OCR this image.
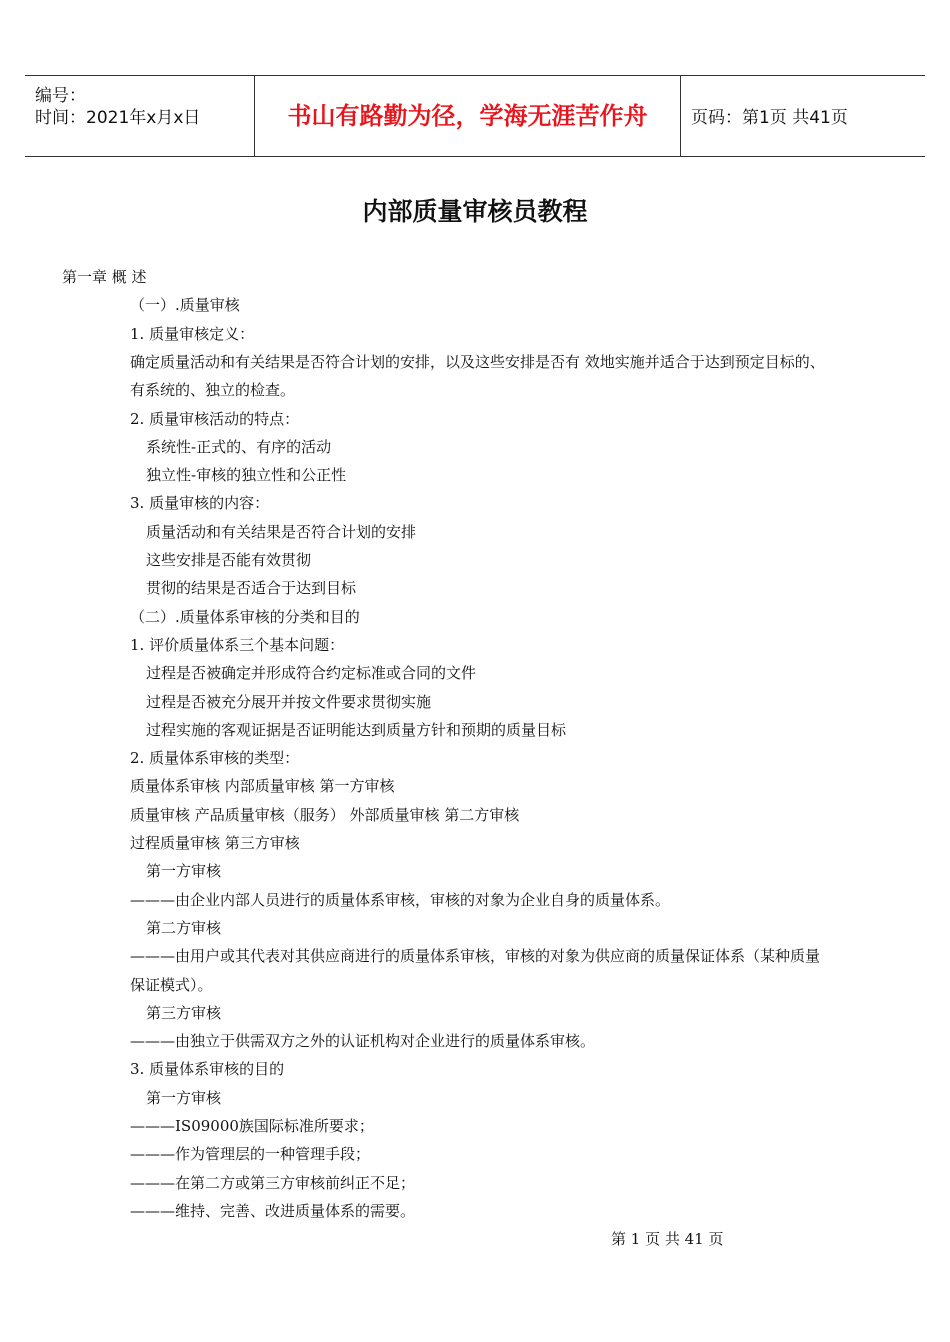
编号：
时间：2021年x月x日	书山有路勤为径，学海无涯苦作舟	页码：第1页 共41页
内部质量审核员教程
第一章 概 述
（一）.质量审核
1. 质量审核定义：
确定质量活动和有关结果是否符合计划的安排，以及这些安排是否有 效地实施并适合于达到预定目标的、
有系统的、独立的检查。
2. 质量审核活动的特点：
系统性-正式的、有序的活动
独立性-审核的独立性和公正性
3. 质量审核的内容：
质量活动和有关结果是否符合计划的安排
这些安排是否能有效贯彻
贯彻的结果是否适合于达到目标
（二）.质量体系审核的分类和目的
1. 评价质量体系三个基本问题：
过程是否被确定并形成符合约定标准或合同的文件
过程是否被充分展开并按文件要求贯彻实施
过程实施的客观证据是否证明能达到质量方针和预期的质量目标
2. 质量体系审核的类型：
质量体系审核 内部质量审核 第一方审核
质量审核 产品质量审核（服务） 外部质量审核 第二方审核
过程质量审核 第三方审核
第一方审核
———由企业内部人员进行的质量体系审核，审核的对象为企业自身的质量体系。
第二方审核
———由用户或其代表对其供应商进行的质量体系审核，审核的对象为供应商的质量保证体系（某种质量
保证模式）。
第三方审核
———由独立于供需双方之外的认证机构对企业进行的质量体系审核。
3. 质量体系审核的目的
第一方审核
———IS09000族国际标准所要求；
———作为管理层的一种管理手段；
———在第二方或第三方审核前纠正不足；
———维持、完善、改进质量体系的需要。
第 1 页 共 41 页
